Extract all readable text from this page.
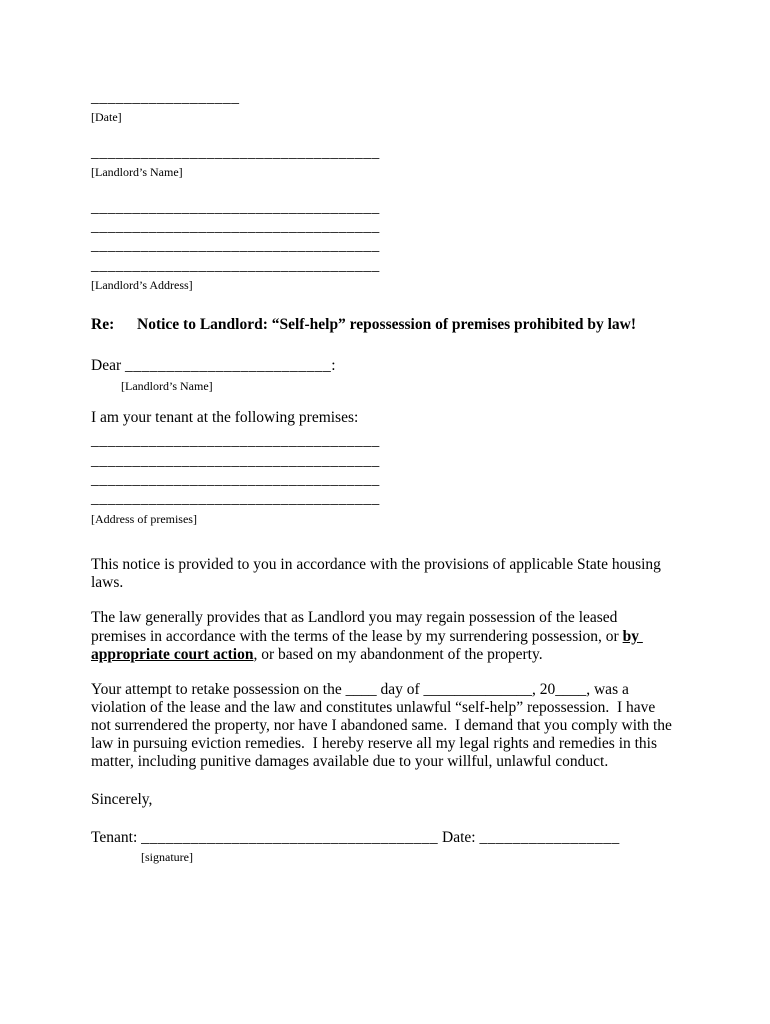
__________________
[Date]
___________________________________
[Landlord’s Name]
___________________________________
___________________________________
___________________________________
___________________________________
[Landlord’s Address]
Re:	Notice to Landlord: “Self-help” repossession of premises prohibited by law!
Dear _________________________:
[Landlord’s Name]
I am your tenant at the following premises:
___________________________________
___________________________________
___________________________________
___________________________________
[Address of premises]
This notice is provided to you in accordance with the provisions of applicable State housing laws.
The law generally provides that as Landlord you may regain possession of the leased premises in accordance with the terms of the lease by my surrendering possession, or by appropriate court action, or based on my abandonment of the property.
Your attempt to retake possession on the ____ day of ______________, 20____, was a violation of the lease and the law and constitutes unlawful “self-help” repossession.  I have not surrendered the property, nor have I abandoned same.  I demand that you comply with the law in pursuing eviction remedies.  I hereby reserve all my legal rights and remedies in this matter, including punitive damages available due to your willful, unlawful conduct.
Sincerely,
Tenant: ____________________________________ Date: _________________
[signature]
